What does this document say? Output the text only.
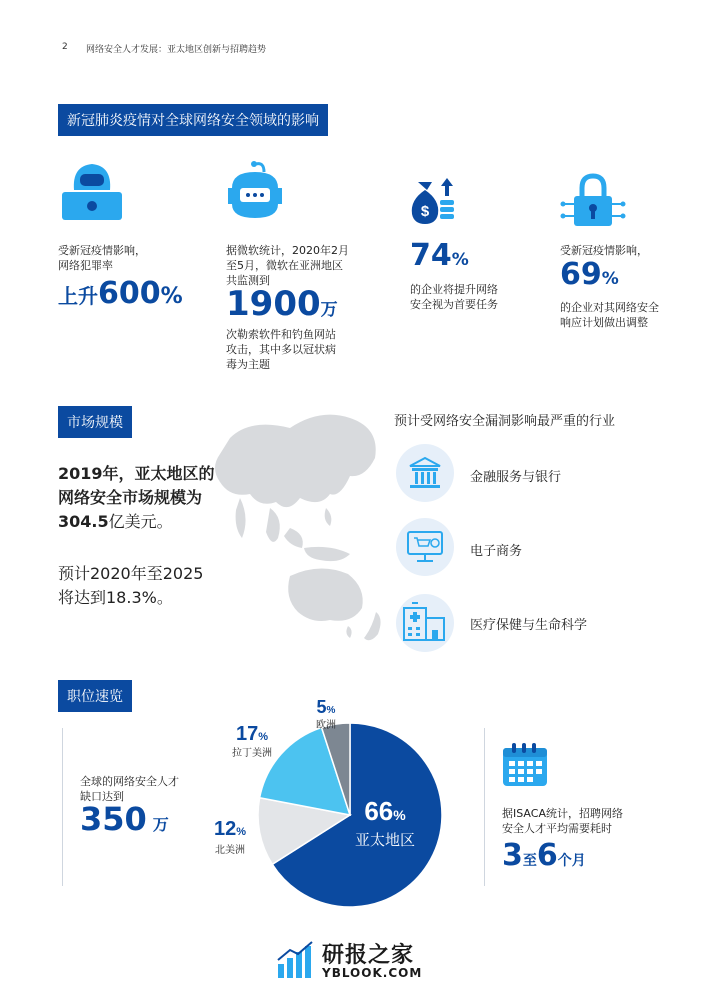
2 网络安全人才发展：亚太地区创新与招聘趋势
新冠肺炎疫情对全球网络安全领域的影响
受新冠疫情影响，
网络犯罪率
上升600%
据微软统计，2020年2月
至5月，微软在亚洲地区
共监测到
1900万
次勒索软件和钓鱼网站
攻击，其中多以冠状病
毒为主题
$
74%
的企业将提升网络
安全视为首要任务
受新冠疫情影响，
69%
的企业对其网络安全
响应计划做出调整
市场规模
2019年，亚太地区的
网络安全市场规模为
304.5亿美元。
预计2020年至2025
将达到18.3%。
预计受网络安全漏洞影响最严重的行业
金融服务与银行
电子商务
医疗保健与生命科学
职位速览
全球的网络安全人才
缺口达到
350 万	66%
亚太地区
12%
北美洲
17%
拉丁美洲
5%
欧洲
据ISACA统计，招聘网络
安全人才平均需要耗时
3至6个月
研报之家
YBLOOK.COM
